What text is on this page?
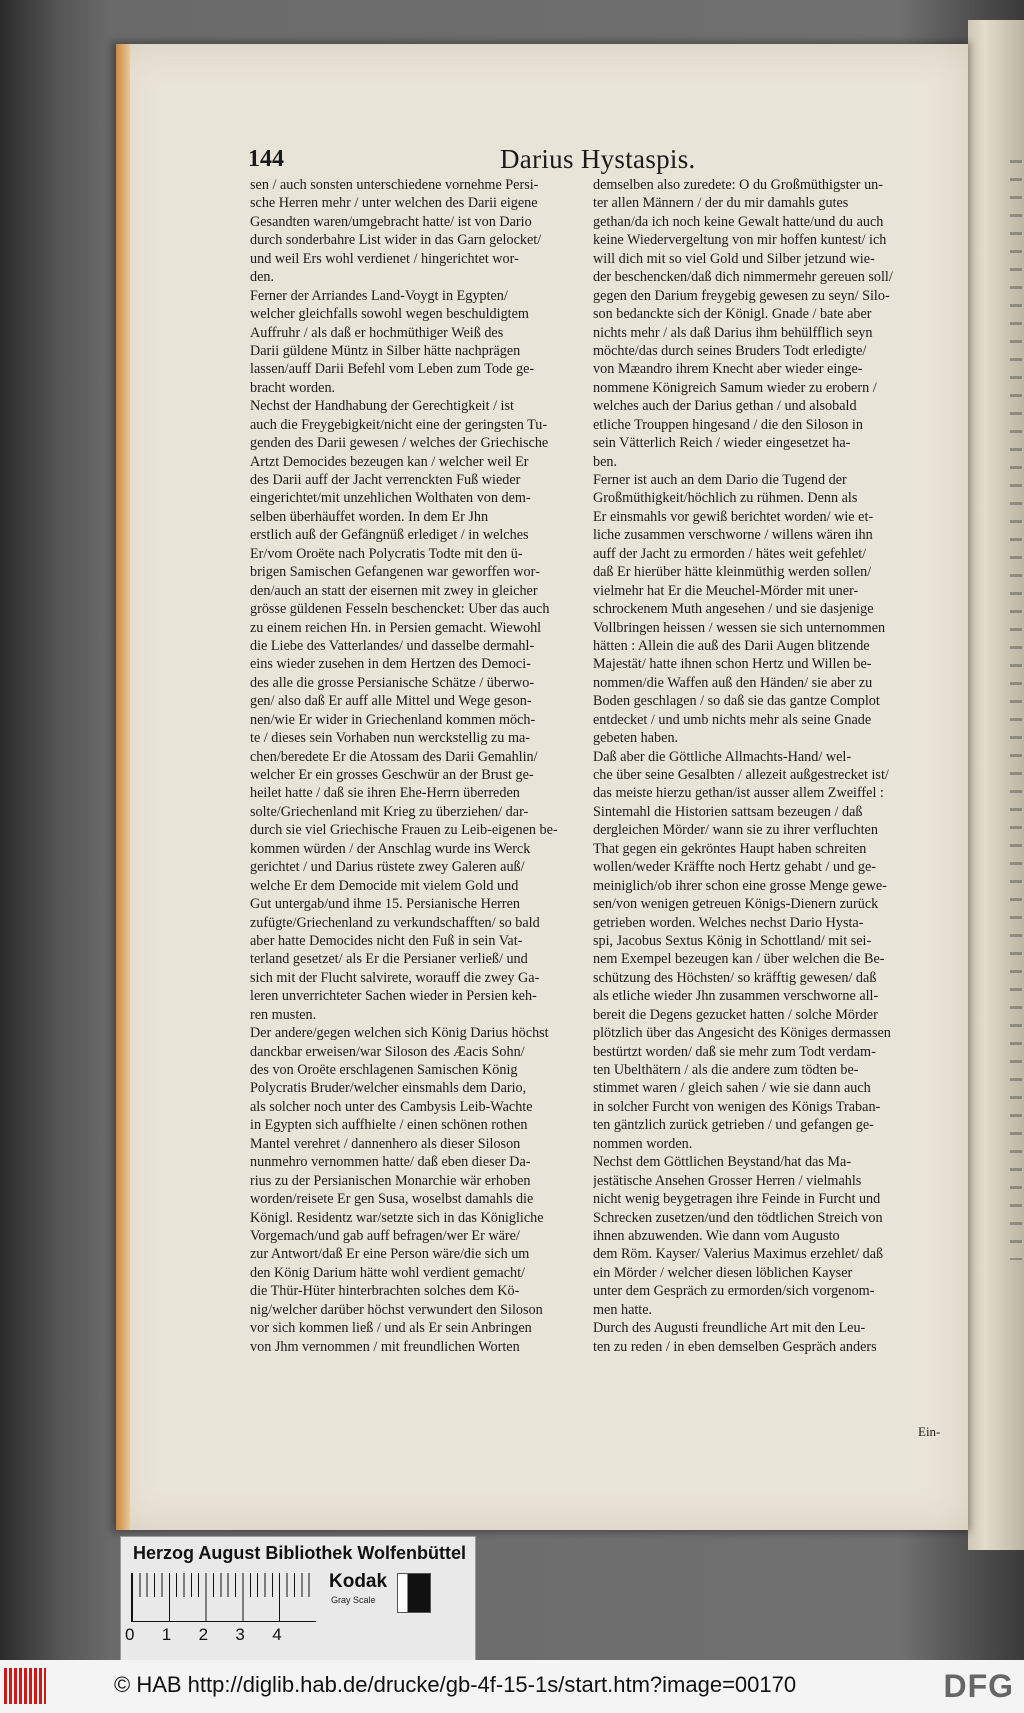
144	Darius Hystaspis.
sen / auch sonsten unterschiedene vornehme Persi-
sche Herren mehr / unter welchen des Darii eigene
Gesandten waren/umgebracht hatte/ ist von Dario
durch sonderbahre List wider in das Garn gelocket/
und weil Ers wohl verdienet / hingerichtet wor-
den.
Ferner der Arriandes Land-Voygt in Egypten/
welcher gleichfalls sowohl wegen beschuldigtem
Auffruhr / als daß er hochmüthiger Weiß des
Darii güldene Müntz in Silber hätte nachprägen
lassen/auff Darii Befehl vom Leben zum Tode ge-
bracht worden.
Nechst der Handhabung der Gerechtigkeit / ist
auch die Freygebigkeit/nicht eine der geringsten Tu-
genden des Darii gewesen / welches der Griechische
Artzt Democides bezeugen kan / welcher weil Er
des Darii auff der Jacht verrenckten Fuß wieder
eingerichtet/mit unzehlichen Wolthaten von dem-
selben überhäuffet worden. In dem Er Jhn
erstlich auß der Gefängnüß erlediget / in welches
Er/vom Oroëte nach Polycratis Todte mit den ü-
brigen Samischen Gefangenen war geworffen wor-
den/auch an statt der eisernen mit zwey in gleicher
grösse güldenen Fesseln beschencket: Uber das auch
zu einem reichen Hn. in Persien gemacht. Wiewohl
die Liebe des Vatterlandes/ und dasselbe dermahl-
eins wieder zusehen in dem Hertzen des Democi-
des alle die grosse Persianische Schätze / überwo-
gen/ also daß Er auff alle Mittel und Wege geson-
nen/wie Er wider in Griechenland kommen möch-
te / dieses sein Vorhaben nun werckstellig zu ma-
chen/beredete Er die Atossam des Darii Gemahlin/
welcher Er ein grosses Geschwür an der Brust ge-
heilet hatte / daß sie ihren Ehe-Herrn überreden
solte/Griechenland mit Krieg zu überziehen/ dar-
durch sie viel Griechische Frauen zu Leib-eigenen be-
kommen würden / der Anschlag wurde ins Werck
gerichtet / und Darius rüstete zwey Galeren auß/
welche Er dem Democide mit vielem Gold und
Gut untergab/und ihme 15. Persianische Herren
zufügte/Griechenland zu verkundschafften/ so bald
aber hatte Democides nicht den Fuß in sein Vat-
terland gesetzet/ als Er die Persianer verließ/ und
sich mit der Flucht salvirete, worauff die zwey Ga-
leren unverrichteter Sachen wieder in Persien keh-
ren musten.
Der andere/gegen welchen sich König Darius höchst
danckbar erweisen/war Siloson des Æacis Sohn/
des von Oroëte erschlagenen Samischen König
Polycratis Bruder/welcher einsmahls dem Dario,
als solcher noch unter des Cambysis Leib-Wachte
in Egypten sich auffhielte / einen schönen rothen
Mantel verehret / dannenhero als dieser Siloson
nunmehro vernommen hatte/ daß eben dieser Da-
rius zu der Persianischen Monarchie wär erhoben
worden/reisete Er gen Susa, woselbst damahls die
Königl. Residentz war/setzte sich in das Königliche
Vorgemach/und gab auff befragen/wer Er wäre/
zur Antwort/daß Er eine Person wäre/die sich um
den König Darium hätte wohl verdient gemacht/
die Thür-Hüter hinterbrachten solches dem Kö-
nig/welcher darüber höchst verwundert den Siloson
vor sich kommen ließ / und als Er sein Anbringen
von Jhm vernommen / mit freundlichen Worten
demselben also zuredete: O du Großmüthigster un-
ter allen Männern / der du mir damahls gutes
gethan/da ich noch keine Gewalt hatte/und du auch
keine Wiedervergeltung von mir hoffen kuntest/ ich
will dich mit so viel Gold und Silber jetzund wie-
der beschencken/daß dich nimmermehr gereuen soll/
gegen den Darium freygebig gewesen zu seyn/ Silo-
son bedanckte sich der Königl. Gnade / bate aber
nichts mehr / als daß Darius ihm behülfflich seyn
möchte/das durch seines Bruders Todt erledigte/
von Mæandro ihrem Knecht aber wieder einge-
nommene Königreich Samum wieder zu erobern /
welches auch der Darius gethan / und alsobald
etliche Trouppen hingesand / die den Siloson in
sein Vätterlich Reich / wieder eingesetzet ha-
ben.
Ferner ist auch an dem Dario die Tugend der
Großmüthigkeit/höchlich zu rühmen. Denn als
Er einsmahls vor gewiß berichtet worden/ wie et-
liche zusammen verschworne / willens wären ihn
auff der Jacht zu ermorden / hätes weit gefehlet/
daß Er hierüber hätte kleinmüthig werden sollen/
vielmehr hat Er die Meuchel-Mörder mit uner-
schrockenem Muth angesehen / und sie dasjenige
Vollbringen heissen / wessen sie sich unternommen
hätten : Allein die auß des Darii Augen blitzende
Majestät/ hatte ihnen schon Hertz und Willen be-
nommen/die Waffen auß den Händen/ sie aber zu
Boden geschlagen / so daß sie das gantze Complot
entdecket / und umb nichts mehr als seine Gnade
gebeten haben.
Daß aber die Göttliche Allmachts-Hand/ wel-
che über seine Gesalbten / allezeit außgestrecket ist/
das meiste hierzu gethan/ist ausser allem Zweiffel :
Sintemahl die Historien sattsam bezeugen / daß
dergleichen Mörder/ wann sie zu ihrer verfluchten
That gegen ein gekröntes Haupt haben schreiten
wollen/weder Kräffte noch Hertz gehabt / und ge-
meiniglich/ob ihrer schon eine grosse Menge gewe-
sen/von wenigen getreuen Königs-Dienern zurück
getrieben worden. Welches nechst Dario Hysta-
spi, Jacobus Sextus König in Schottland/ mit sei-
nem Exempel bezeugen kan / über welchen die Be-
schützung des Höchsten/ so kräfftig gewesen/ daß
als etliche wieder Jhn zusammen verschworne all-
bereit die Degens gezucket hatten / solche Mörder
plötzlich über das Angesicht des Königes dermassen
bestürtzt worden/ daß sie mehr zum Todt verdam-
ten Ubelthätern / als die andere zum tödten be-
stimmet waren / gleich sahen / wie sie dann auch
in solcher Furcht von wenigen des Königs Traban-
ten gäntzlich zurück getrieben / und gefangen ge-
nommen worden.
Nechst dem Göttlichen Beystand/hat das Ma-
jestätische Ansehen Grosser Herren / vielmahls
nicht wenig beygetragen ihre Feinde in Furcht und
Schrecken zusetzen/und den tödtlichen Streich von
ihnen abzuwenden. Wie dann vom Augusto
dem Röm. Kayser/ Valerius Maximus erzehlet/ daß
ein Mörder / welcher diesen löblichen Kayser
unter dem Gespräch zu ermorden/sich vorgenom-
men hatte.
Durch des Augusti freundliche Art mit den Leu-
ten zu reden / in eben demselben Gespräch anders
Ein-
Herzog August Bibliothek Wolfenbüttel
0 1 2 3 4
Kodak
Gray Scale
© HAB http://diglib.hab.de/drucke/gb-4f-15-1s/start.htm?image=00170	DFG
